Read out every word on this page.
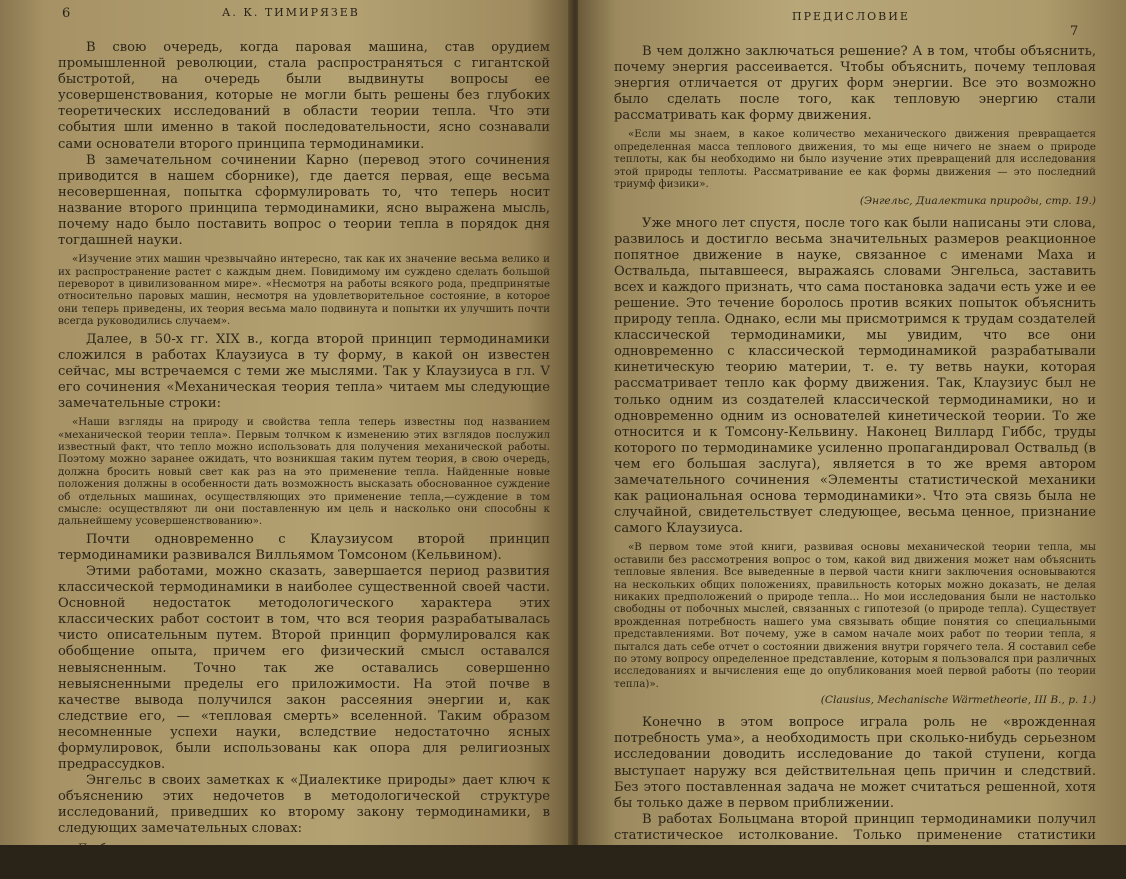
6	А. К. ТИМИРЯЗЕВ

В свою очередь, когда паровая машина, став орудием промышленной революции, стала распространяться с гигантской быстротой, на очередь были выдвинуты вопросы ее усовершенствования, которые не могли быть решены без глубоких теоретических исследований в области теории тепла. Что эти события шли именно в такой последовательности, ясно сознавали сами основатели второго принципа термодинамики.

В замечательном сочинении Карно (перевод этого сочинения приводится в нашем сборнике), где дается первая, еще весьма несовершенная, попытка сформулировать то, что теперь носит название второго принципа термодинамики, ясно выражена мысль, почему надо было поставить вопрос о теории тепла в порядок дня тогдашней науки.

«Изучение этих машин чрезвычайно интересно, так как их значение весьма велико и их распространение растет с каждым днем. Повидимому им суждено сделать большой переворот в цивилизованном мире». «Несмотря на работы всякого рода, предпринятые относительно паровых машин, несмотря на удовлетворительное состояние, в которое они теперь приведены, их теория весьма мало подвинута и попытки их улучшить почти всегда руководились случаем».

Далее, в 50-х гг. XIX в., когда второй принцип термодинамики сложился в работах Клаузиуса в ту форму, в какой он известен сейчас, мы встречаемся с теми же мыслями. Так у Клаузиуса в гл. V его сочинения «Механическая теория тепла» читаем мы следующие замечательные строки:

«Наши взгляды на природу и свойства тепла теперь известны под названием «механической теории тепла». Первым толчком к изменению этих взглядов послужил известный факт, что тепло можно использовать для получения механической работы. Поэтому можно заранее ожидать, что возникшая таким путем теория, в свою очередь, должна бросить новый свет как раз на это применение тепла. Найденные новые положения должны в особенности дать возможность высказать обоснованное суждение об отдельных машинах, осуществляющих это применение тепла,—суждение в том смысле: осуществляют ли они поставленную им цель и насколько они способны к дальнейшему усовершенствованию».

Почти одновременно с Клаузиусом второй принцип термодинамики развивался Вилльямом Томсоном (Кельвином).

Этими работами, можно сказать, завершается период развития классической термодинамики в наиболее существенной своей части. Основной недостаток методологического характера этих классических работ состоит в том, что вся теория разрабатывалась чисто описательным путем. Второй принцип формулировался как обобщение опыта, причем его физический смысл оставался невыясненным. Точно так же оставались совершенно невыясненными пределы его приложимости. На этой почве в качестве вывода получился закон рассеяния энергии и, как следствие его, — «тепловая смерть» вселенной. Таким образом несомненные успехи науки, вследствие недостаточно ясных формулировок, были использованы как опора для религиозных предрассудков.

Энгельс в своих заметках к «Диалектике природы» дает ключ к объяснению этих недочетов в методологической структуре исследований, приведших ко второму закону термодинамики, в следующих замечательных словах:

«Проблема не решена, а только поставлена, и это преподносится как решение».

(Энгельс, Диалектика природы, стр. 9.)

ПРЕДИСЛОВИЕ
7

В чем должно заключаться решение? А в том, чтобы объяснить, почему энергия рассеивается. Чтобы объяснить, почему тепловая энергия отличается от других форм энергии. Все это возможно было сделать после того, как тепловую энергию стали рассматривать как форму движения.

«Если мы знаем, в какое количество механического движения превращается определенная масса теплового движения, то мы еще ничего не знаем о природе теплоты, как бы необходимо ни было изучение этих превращений для исследования этой природы теплоты. Рассматривание ее как формы движения — это последний триумф физики».

(Энгельс, Диалектика природы, стр. 19.)

Уже много лет спустя, после того как были написаны эти слова, развилось и достигло весьма значительных размеров реакционное попятное движение в науке, связанное с именами Маха и Оствальда, пытавшееся, выражаясь словами Энгельса, заставить всех и каждого признать, что сама постановка задачи есть уже и ее решение. Это течение боролось против всяких попыток объяснить природу тепла. Однако, если мы присмотримся к трудам создателей классической термодинамики, мы увидим, что все они одновременно с классической термодинамикой разрабатывали кинетическую теорию материи, т. е. ту ветвь науки, которая рассматривает тепло как форму движения. Так, Клаузиус был не только одним из создателей классической термодинамики, но и одновременно одним из основателей кинетической теории. То же относится и к Томсону-Кельвину. Наконец Виллард Гиббс, труды которого по термодинамике усиленно пропагандировал Оствальд (в чем его большая заслуга), является в то же время автором замечательного сочинения «Элементы статистической механики как рациональная основа термодинамики». Что эта связь была не случайной, свидетельствует следующее, весьма ценное, признание самого Клаузиуса.

«В первом томе этой книги, развивая основы механической теории тепла, мы оставили без рассмотрения вопрос о том, какой вид движения может нам объяснить тепловые явления. Все выведенные в первой части книги заключения основываются на нескольких общих положениях, правильность которых можно доказать, не делая никаких предположений о природе тепла... Но мои исследования были не настолько свободны от побочных мыслей, связанных с гипотезой (о природе тепла). Существует врожденная потребность нашего ума связывать общие понятия со специальными представлениями. Вот почему, уже в самом начале моих работ по теории тепла, я пытался дать себе отчет о состоянии движения внутри горячего тела. Я составил себе по этому вопросу определенное представление, которым я пользовался при различных исследованиях и вычисления еще до опубликования моей первой работы (по теории тепла)».

(Clausius, Mechanische Wärmetheorie, III B., р. 1.)

Конечно в этом вопросе играла роль не «врожденная потребность ума», а необходимость при сколько-нибудь серьезном исследовании доводить исследование до такой ступени, когда выступает наружу вся действительная цепь причин и следствий. Без этого поставленная задача не может считаться решенной, хотя бы только даже в первом приближении.

В работах Больцмана второй принцип термодинамики получил статистическое истолкование. Только применение статистики позво-
